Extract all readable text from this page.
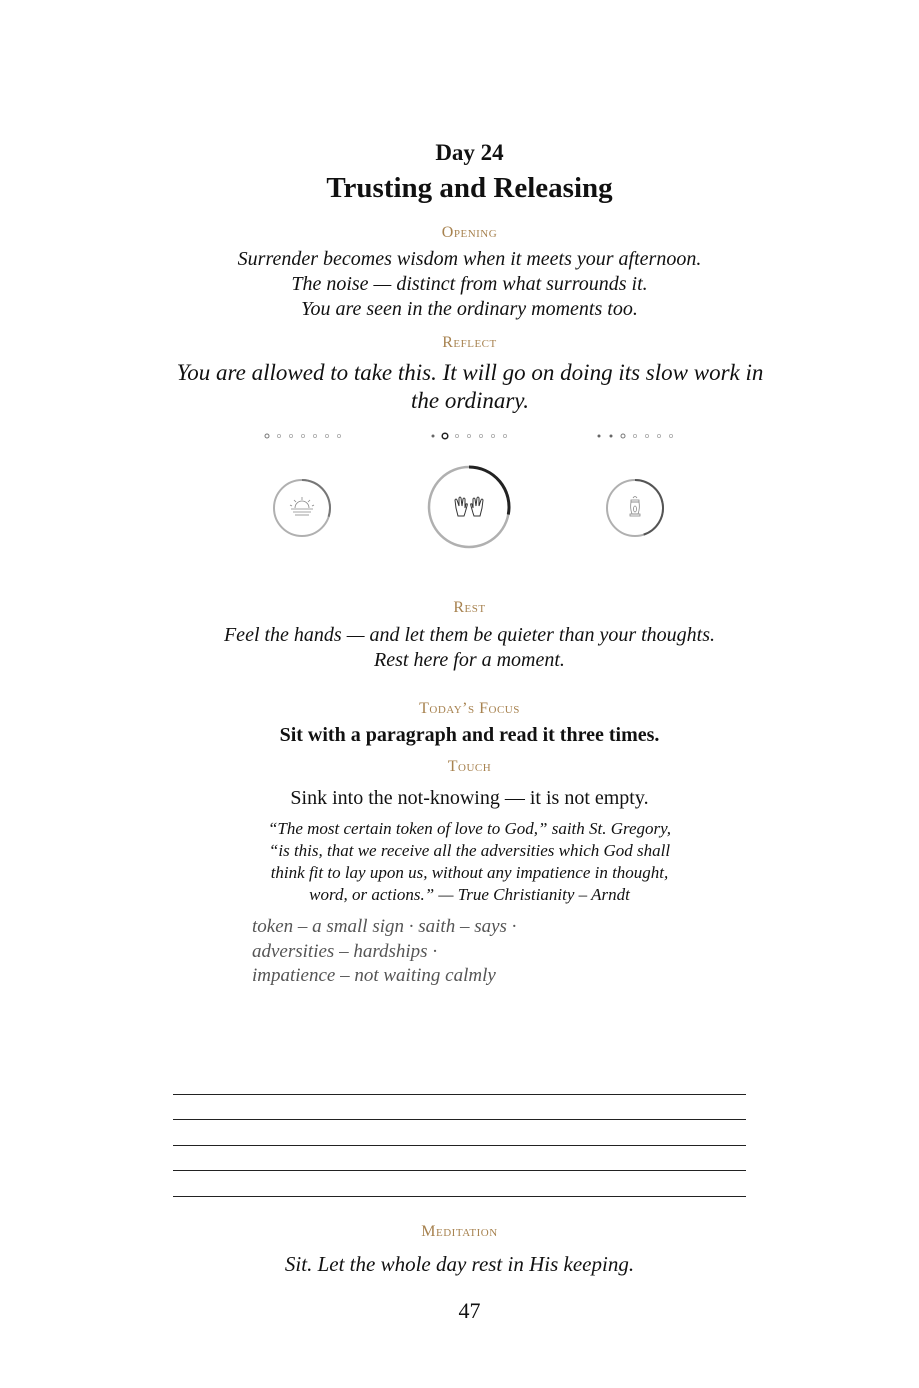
Day 24
Trusting and Releasing
Opening
Surrender becomes wisdom when it meets your afternoon.
The noise — distinct from what surrounds it.
You are seen in the ordinary moments too.
Reflect
You are allowed to take this. It will go on doing its slow work in
the ordinary.
Rest
Feel the hands — and let them be quieter than your thoughts.
Rest here for a moment.
Today’s Focus
Sit with a paragraph and read it three times.
Touch
Sink into the not-knowing — it is not empty.
“The most certain token of love to God,” saith St. Gregory,
“is this, that we receive all the adversities which God shall
think fit to lay upon us, without any impatience in thought,
word, or actions.” — True Christianity – Arndt
token – a small sign · saith – says ·
adversities – hardships ·
impatience – not waiting calmly
Meditation
Sit. Let the whole day rest in His keeping.
47
